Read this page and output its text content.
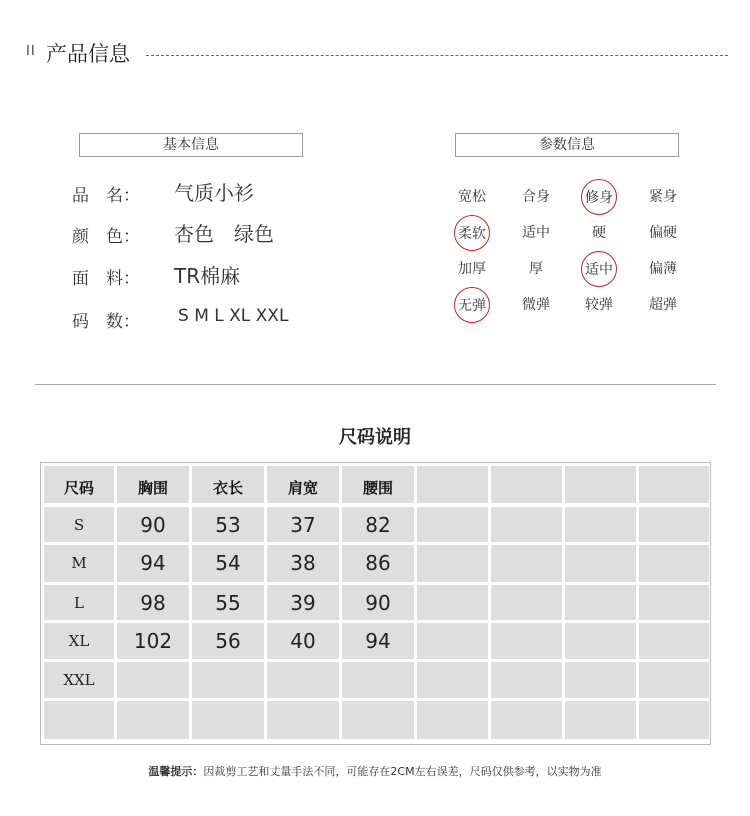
II 产品信息
基本信息
品　名： 气质小衫
颜　色： 杏色　绿色
面　料： TR棉麻
码　数： S M L XL XXL
参数信息
宽松	合身	修身	紧身
柔软	适中	硬	偏硬
加厚	厚	适中	偏薄
无弹	微弹	较弹	超弹
尺码说明
尺码	胸围	衣长	肩宽	腰围
S	90	53	37	82
M	94	54	38	86
L	98	55	39	90
XL	102	56	40	94
XXL
温馨提示：因裁剪工艺和丈量手法不同，可能存在2CM左右误差，尺码仅供参考，以实物为准
